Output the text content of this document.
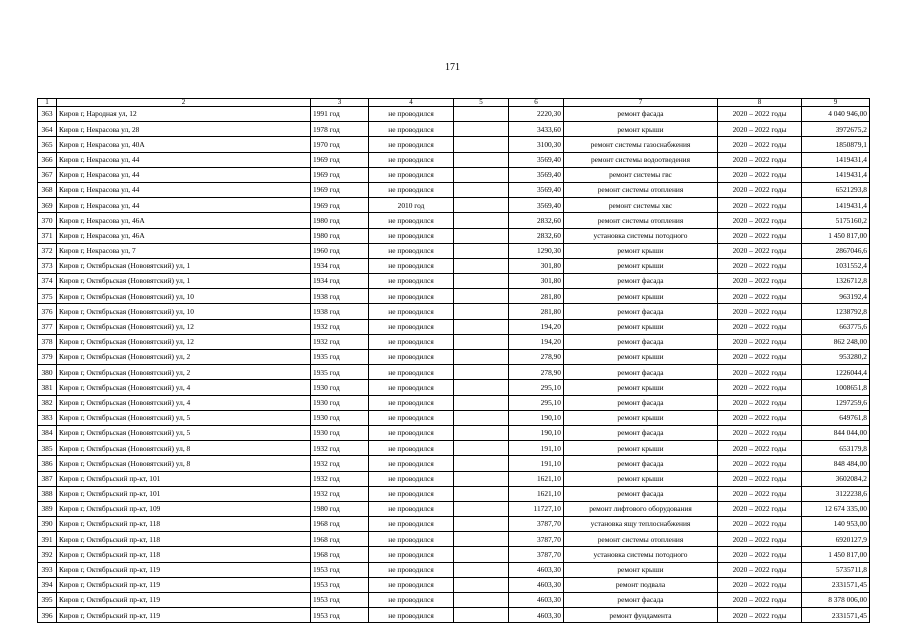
171
1	2	3	4	5	6	7	8	9
363	Киров г, Народная ул, 12	1991 год	не проводился		2220,30	ремонт фасада	2020 – 2022 годы	4 040 946,00
364	Киров г, Некрасова ул, 28	1978 год	не проводился		3433,60	ремонт крыши	2020 – 2022 годы	3972675,2
365	Киров г, Некрасова ул, 40А	1970 год	не проводился		3100,30	ремонт системы газоснабжения	2020 – 2022 годы	1850879,1
366	Киров г, Некрасова ул, 44	1969 год	не проводился		3569,40	ремонт системы водоотведения	2020 – 2022 годы	1419431,4
367	Киров г, Некрасова ул, 44	1969 год	не проводился		3569,40	ремонт системы гвс	2020 – 2022 годы	1419431,4
368	Киров г, Некрасова ул, 44	1969 год	не проводился		3569,40	ремонт системы отопления	2020 – 2022 годы	6521293,8
369	Киров г, Некрасова ул, 44	1969 год	2010 год		3569,40	ремонт системы хвс	2020 – 2022 годы	1419431,4
370	Киров г, Некрасова ул, 46А	1980 год	не проводился		2832,60	ремонт системы отопления	2020 – 2022 годы	5175160,2
371	Киров г, Некрасова ул, 46А	1980 год	не проводился		2832,60	установка системы потодного	2020 – 2022 годы	1 450 817,00
372	Киров г, Некрасова ул, 7	1960 год	не проводился		1290,30	ремонт крыши	2020 – 2022 годы	2867046,6
373	Киров г, Октябрьская (Нововятский) ул, 1	1934 год	не проводился		301,80	ремонт крыши	2020 – 2022 годы	1031552,4
374	Киров г, Октябрьская (Нововятский) ул, 1	1934 год	не проводился		301,80	ремонт фасада	2020 – 2022 годы	1326712,8
375	Киров г, Октябрьская (Нововятский) ул, 10	1938 год	не проводился		281,80	ремонт крыши	2020 – 2022 годы	963192,4
376	Киров г, Октябрьская (Нововятский) ул, 10	1938 год	не проводился		281,80	ремонт фасада	2020 – 2022 годы	1238792,8
377	Киров г, Октябрьская (Нововятский) ул, 12	1932 год	не проводился		194,20	ремонт крыши	2020 – 2022 годы	663775,6
378	Киров г, Октябрьская (Нововятский) ул, 12	1932 год	не проводился		194,20	ремонт фасада	2020 – 2022 годы	862 248,00
379	Киров г, Октябрьская (Нововятский) ул, 2	1935 год	не проводился		278,90	ремонт крыши	2020 – 2022 годы	953280,2
380	Киров г, Октябрьская (Нововятский) ул, 2	1935 год	не проводился		278,90	ремонт фасада	2020 – 2022 годы	1226044,4
381	Киров г, Октябрьская (Нововятский) ул, 4	1930 год	не проводился		295,10	ремонт крыши	2020 – 2022 годы	1008651,8
382	Киров г, Октябрьская (Нововятский) ул, 4	1930 год	не проводился		295,10	ремонт фасада	2020 – 2022 годы	1297259,6
383	Киров г, Октябрьская (Нововятский) ул, 5	1930 год	не проводился		190,10	ремонт крыши	2020 – 2022 годы	649761,8
384	Киров г, Октябрьская (Нововятский) ул, 5	1930 год	не проводился		190,10	ремонт фасада	2020 – 2022 годы	844 044,00
385	Киров г, Октябрьская (Нововятский) ул, 8	1932 год	не проводился		191,10	ремонт крыши	2020 – 2022 годы	653179,8
386	Киров г, Октябрьская (Нововятский) ул, 8	1932 год	не проводился		191,10	ремонт фасада	2020 – 2022 годы	848 484,00
387	Киров г, Октябрьский пр-кт, 101	1932 год	не проводился		1621,10	ремонт крыши	2020 – 2022 годы	3602084,2
388	Киров г, Октябрьский пр-кт, 101	1932 год	не проводился		1621,10	ремонт фасада	2020 – 2022 годы	3122238,6
389	Киров г, Октябрьский пр-кт, 109	1980 год	не проводился		11727,10	ремонт лифтового оборудования	2020 – 2022 годы	12 674 335,00
390	Киров г, Октябрьский пр-кт, 118	1968 год	не проводился		3787,70	установка ящу теплоснабжения	2020 – 2022 годы	140 953,00
391	Киров г, Октябрьский пр-кт, 118	1968 год	не проводился		3787,70	ремонт системы отопления	2020 – 2022 годы	6920127,9
392	Киров г, Октябрьский пр-кт, 118	1968 год	не проводился		3787,70	установка системы потодного	2020 – 2022 годы	1 450 817,00
393	Киров г, Октябрьский пр-кт, 119	1953 год	не проводился		4603,30	ремонт крыши	2020 – 2022 годы	5735711,8
394	Киров г, Октябрьский пр-кт, 119	1953 год	не проводился		4603,30	ремонт подвала	2020 – 2022 годы	2331571,45
395	Киров г, Октябрьский пр-кт, 119	1953 год	не проводился		4603,30	ремонт фасада	2020 – 2022 годы	8 378 006,00
396	Киров г, Октябрьский пр-кт, 119	1953 год	не проводился		4603,30	ремонт фундамента	2020 – 2022 годы	2331571,45
